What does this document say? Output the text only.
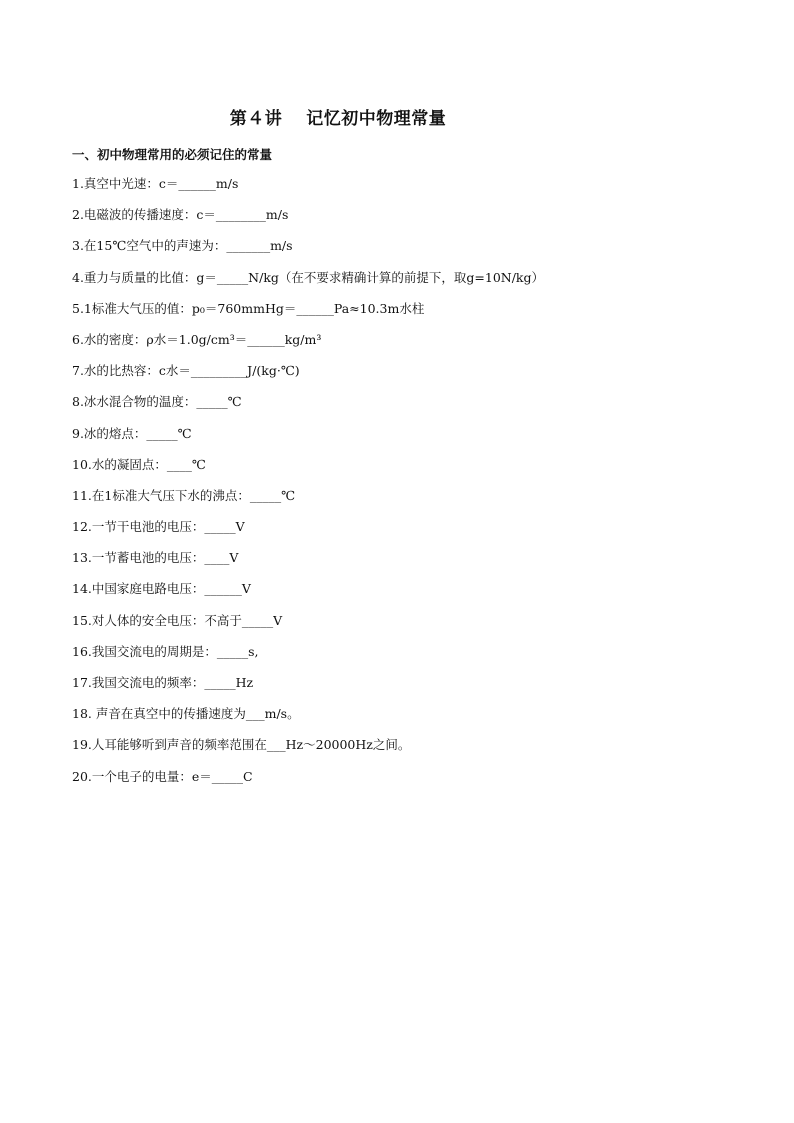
第４讲　 记忆初中物理常量
一、初中物理常用的必须记住的常量
1.真空中光速：c＝______m/s
2.电磁波的传播速度：c＝________m/s
3.在15℃空气中的声速为：_______m/s
4.重力与质量的比值：g＝_____N/kg（在不要求精确计算的前提下，取g=10N/kg）
5.1标准大气压的值：p₀＝760mmHg＝______Pa≈10.3m水柱
6.水的密度：ρ水＝1.0g/cm³＝______kg/m³
7.水的比热容：c水＝_________J/(kg·℃)
8.冰水混合物的温度：_____℃
9.冰的熔点：_____℃
10.水的凝固点：____℃
11.在1标准大气压下水的沸点：_____℃
12.一节干电池的电压：_____V
13.一节蓄电池的电压：____V
14.中国家庭电路电压：______V
15.对人体的安全电压：不高于_____V
16.我国交流电的周期是：_____s,
17.我国交流电的频率：_____Hz
18. 声音在真空中的传播速度为___m/s。
19.人耳能够听到声音的频率范围在___Hz～20000Hz之间。
20.一个电子的电量：e＝_____C
